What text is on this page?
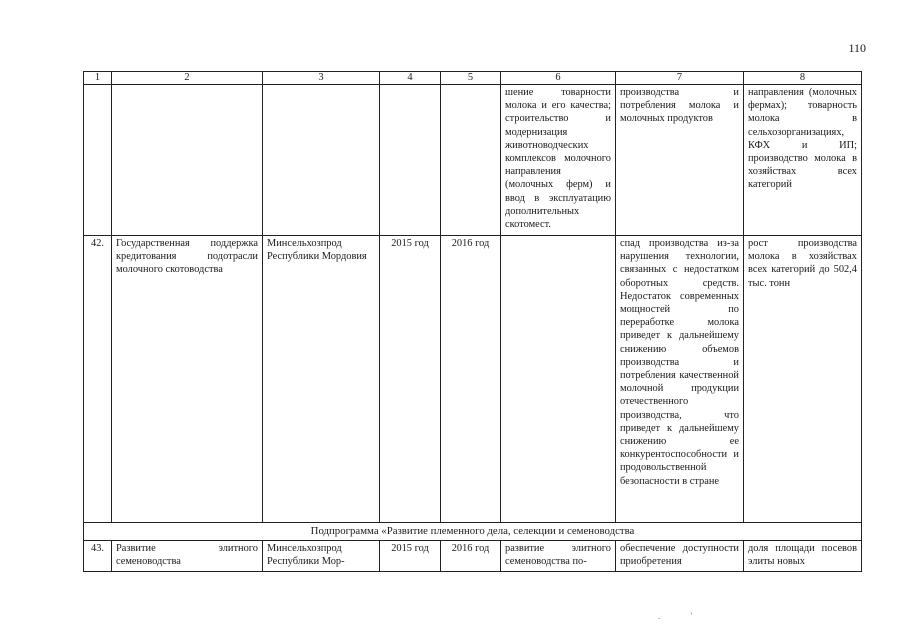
110
1	2	3	4	5	6	7	8
					шение товарности молока и его качества; строительство и модернизация животноводческих комплексов молочного направления (молочных ферм) и ввод в эксплуатацию дополнительных скотомест.	производства и потребления молока и молочных продуктов	направления (молочных фермах); товарность молока в сельхозорганизациях, КФХ и ИП; производство молока в хозяйствах всех категорий
42.	Государственная поддержка кредитования подотрасли молочного скотоводства	Минсельхозпрод Республики Мордовия	2015 год	2016 год		спад производства из-за нарушения технологии, связанных с недостатком оборотных средств. Недостаток современных мощностей по переработке молока приведет к дальнейшему снижению объемов производства и потребления качественной молочной продукции отечественного производства, что приведет к дальнейшему снижению ее конкурентоспособности и продовольственной безопасности в стране	рост производства молока в хозяйствах всех категорий до 502,4 тыс. тонн
Подпрограмма «Развитие племенного дела, селекции и семеноводства							
43.	Развитие элитного семеноводства	Минсельхозпрод Республики Мор-	2015 год	2016 год	развитие элитного семеноводства по-	обеспечение доступности приобретения	доля площади посевов элиты новых
. '
